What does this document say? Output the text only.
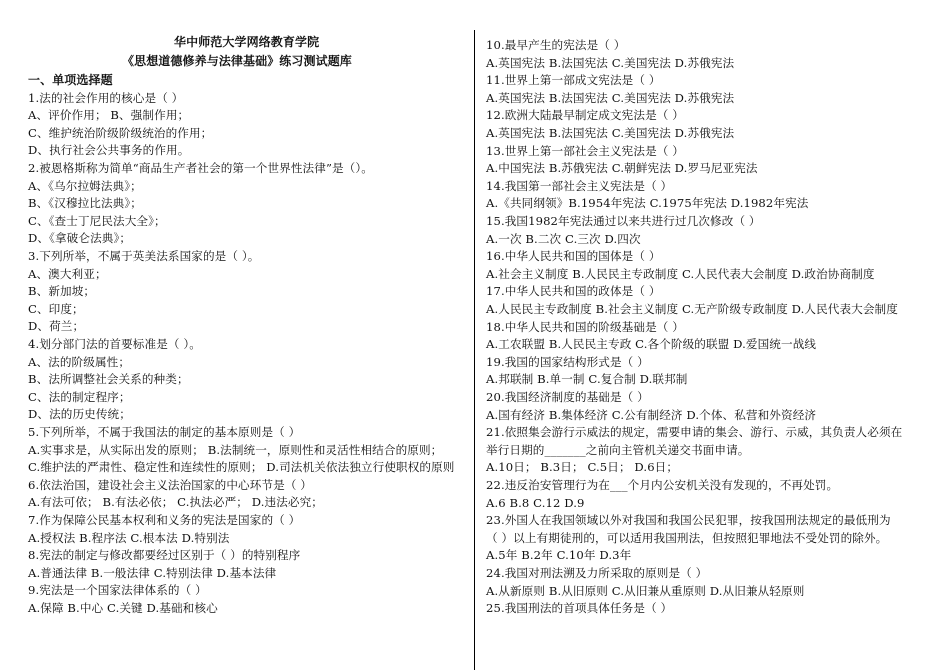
华中师范大学网络教育学院
《思想道德修养与法律基础》练习测试题库
一、单项选择题
1.法的社会作用的核心是（ ）
A、评价作用； B、强制作用；
C、维护统治阶级阶级统治的作用；
D、执行社会公共事务的作用。
2.被恩格斯称为简单“商品生产者社会的第一个世界性法律”是（）。
A、《乌尔拉姆法典》；
B、《汉穆拉比法典》；
C、《查士丁尼民法大全》；
D、《拿破仑法典》；
3.下列所举，不属于英美法系国家的是（ ）。
A、澳大利亚；
B、新加坡；
C、印度；
D、荷兰；
4.划分部门法的首要标准是（ ）。
A、法的阶级属性；
B、法所调整社会关系的种类；
C、法的制定程序；
D、法的历史传统；
5.下列所举，不属于我国法的制定的基本原则是（ ）
A.实事求是，从实际出发的原则； B.法制统一，原则性和灵活性相结合的原则；
C.维护法的严肃性、稳定性和连续性的原则； D.司法机关依法独立行使职权的原则
6.依法治国，建设社会主义法治国家的中心环节是（ ）
A.有法可依； B.有法必依； C.执法必严； D.违法必究；
7.作为保障公民基本权利和义务的宪法是国家的（ ）
A.授权法 B.程序法 C.根本法 D.特别法
8.宪法的制定与修改都要经过区别于（ ）的特别程序
A.普通法律 B.一般法律 C.特别法律 D.基本法律
9.宪法是一个国家法律体系的（ ）
A.保障 B.中心 C.关键 D.基础和核心
10.最早产生的宪法是（ ）
A.英国宪法 B.法国宪法 C.美国宪法 D.苏俄宪法
11.世界上第一部成文宪法是（ ）
A.英国宪法 B.法国宪法 C.美国宪法 D.苏俄宪法
12.欧洲大陆最早制定成文宪法是（ ）
A.英国宪法 B.法国宪法 C.美国宪法 D.苏俄宪法
13.世界上第一部社会主义宪法是（ ）
A.中国宪法 B.苏俄宪法 C.朝鲜宪法 D.罗马尼亚宪法
14.我国第一部社会主义宪法是（ ）
A.《共同纲领》B.1954年宪法 C.1975年宪法 D.1982年宪法
15.我国1982年宪法通过以来共进行过几次修改（ ）
A.一次 B.二次 C.三次 D.四次
16.中华人民共和国的国体是（ ）
A.社会主义制度 B.人民民主专政制度 C.人民代表大会制度 D.政治协商制度
17.中华人民共和国的政体是（ ）
A.人民民主专政制度 B.社会主义制度 C.无产阶级专政制度 D.人民代表大会制度
18.中华人民共和国的阶级基础是（ ）
A.工农联盟 B.人民民主专政 C.各个阶级的联盟 D.爱国统一战线
19.我国的国家结构形式是（ ）
A.邦联制 B.单一制 C.复合制 D.联邦制
20.我国经济制度的基础是（ ）
A.国有经济 B.集体经济 C.公有制经济 D.个体、私营和外资经济
21.依照集会游行示威法的规定，需要申请的集会、游行、示威，其负责人必须在
举行日期的_______之前向主管机关递交书面申请。
A.10日； B.3日； C.5日； D.6日；
22.违反治安管理行为在___个月内公安机关没有发现的，不再处罚。
A.6 B.8 C.12 D.9
23.外国人在我国领域以外对我国和我国公民犯罪，按我国刑法规定的最低刑为
（ ）以上有期徒刑的，可以适用我国刑法，但按照犯罪地法不受处罚的除外。
A.5年 B.2年 C.10年 D.3年
24.我国对刑法溯及力所采取的原则是（ ）
A.从新原则 B.从旧原则 C.从旧兼从重原则 D.从旧兼从轻原则
25.我国刑法的首项具体任务是（ ）
